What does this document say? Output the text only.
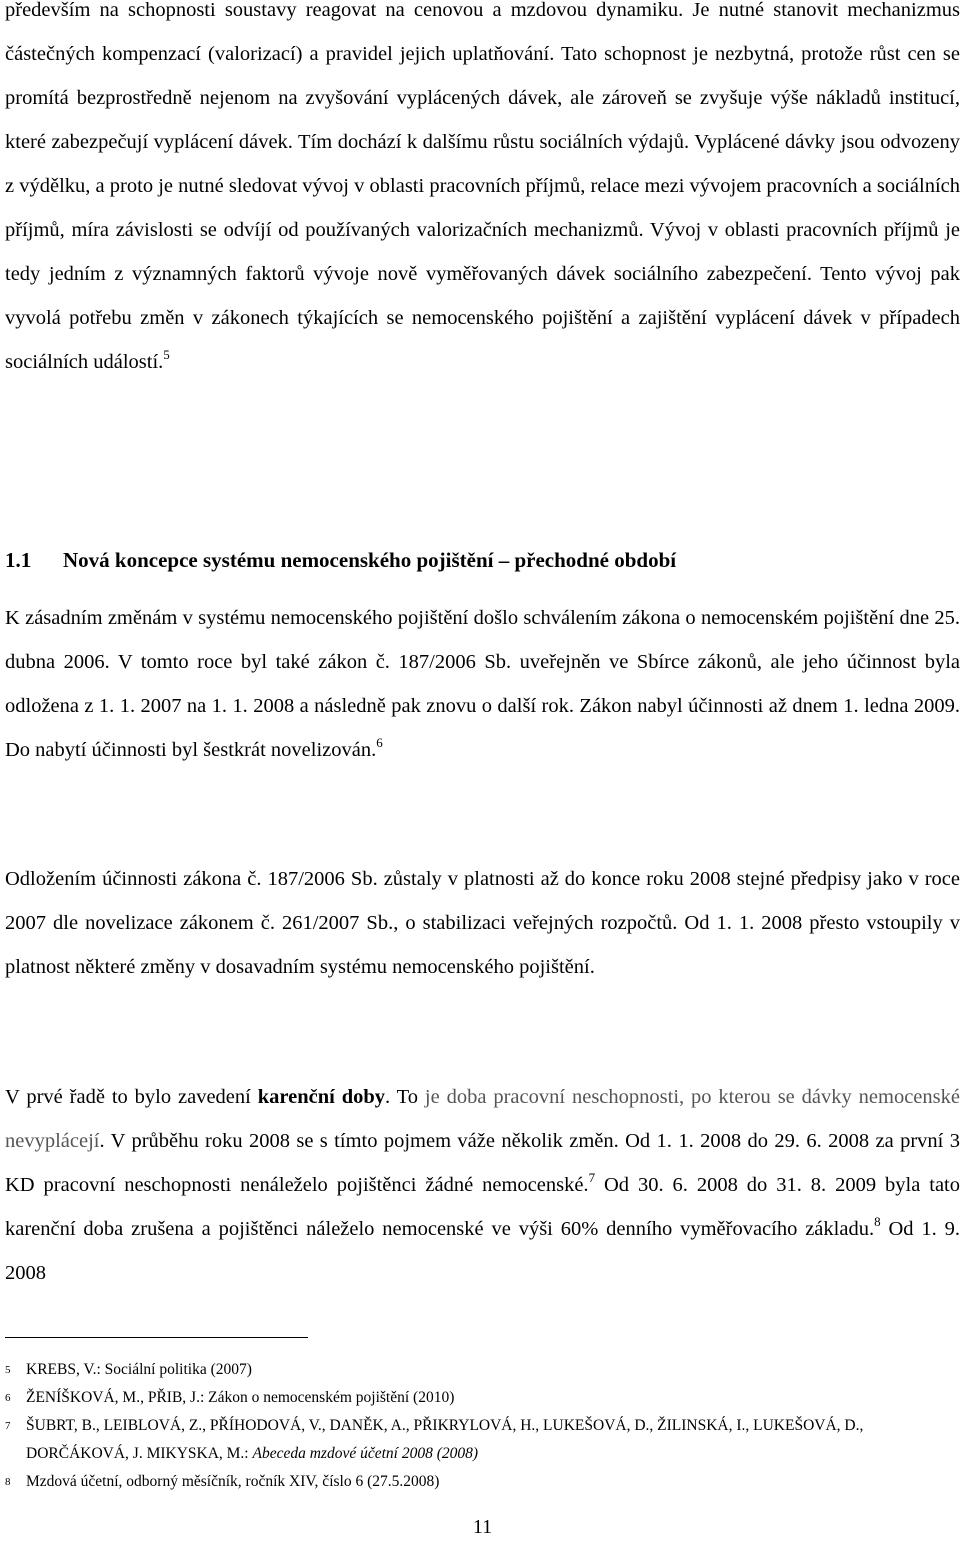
především na schopnosti soustavy reagovat na cenovou a mzdovou dynamiku. Je nutné stanovit mechanizmus částečných kompenzací (valorizací) a pravidel jejich uplatňování. Tato schopnost je nezbytná, protože růst cen se promítá bezprostředně nejenom na zvyšování vyplácených dávek, ale zároveň se zvyšuje výše nákladů institucí, které zabezpečují vyplácení dávek. Tím dochází k dalšímu růstu sociálních výdajů. Vyplácené dávky jsou odvozeny z výdělku, a proto je nutné sledovat vývoj v oblasti pracovních příjmů, relace mezi vývojem pracovních a sociálních příjmů, míra závislosti se odvíjí od používaných valorizačních mechanizmů. Vývoj v oblasti pracovních příjmů je tedy jedním z významných faktorů vývoje nově vyměřovaných dávek sociálního zabezpečení. Tento vývoj pak vyvolá potřebu změn v zákonech týkajících se nemocenského pojištění a zajištění vyplácení dávek v případech sociálních událostí.$^5$

1.1 Nová koncepce systému nemocenského pojištění – přechodné období

K zásadním změnám v systému nemocenského pojištění došlo schválením zákona o nemocenském pojištění dne 25. dubna 2006. V tomto roce byl také zákon č. 187/2006 Sb. uveřejněn ve Sbírce zákonů, ale jeho účinnost byla odložena z 1. 1. 2007 na 1. 1. 2008 a následně pak znovu o další rok. Zákon nabyl účinnosti až dnem 1. ledna 2009. Do nabytí účinnosti byl šestkrát novelizován.$^6$

Odložením účinnosti zákona č. 187/2006 Sb. zůstaly v platnosti až do konce roku 2008 stejné předpisy jako v roce 2007 dle novelizace zákonem č. 261/2007 Sb., o stabilizaci veřejných rozpočtů. Od 1. 1. 2008 přesto vstoupily v platnost některé změny v dosavadním systému nemocenského pojištění.

V prvé řadě to bylo zavedení karenční doby. To je doba pracovní neschopnosti, po kterou se dávky nemocenské nevyplácejí. V průběhu roku 2008 se s tímto pojmem váže několik změn. Od 1. 1. 2008 do 29. 6. 2008 za první 3 KD pracovní neschopnosti nenáleželo pojištěnci žádné nemocenské.$^7$ Od 30. 6. 2008 do 31. 8. 2009 byla tato karenční doba zrušena a pojištěnci náleželo nemocenské ve výši 60% denního vyměřovacího základu.$^8$ Od 1. 9. 2008

5 KREBS, V.: Sociální politika (2007)
6 ŽENÍŠKOVÁ, M., PŘIB, J.: Zákon o nemocenském pojištění (2010)
7 ŠUBRT, B., LEIBLOVÁ, Z., PŘÍHODOVÁ, V., DANĚK, A., PŘIKRYLOVÁ, H., LUKEŠOVÁ, D., ŽILINSKÁ, I., LUKEŠOVÁ, D., DORČÁKOVÁ, J. MIKYSKA, M.: Abeceda mzdové účetní 2008 (2008)
8 Mzdová účetní, odborný měsíčník, ročník XIV, číslo 6 (27.5.2008)
11
